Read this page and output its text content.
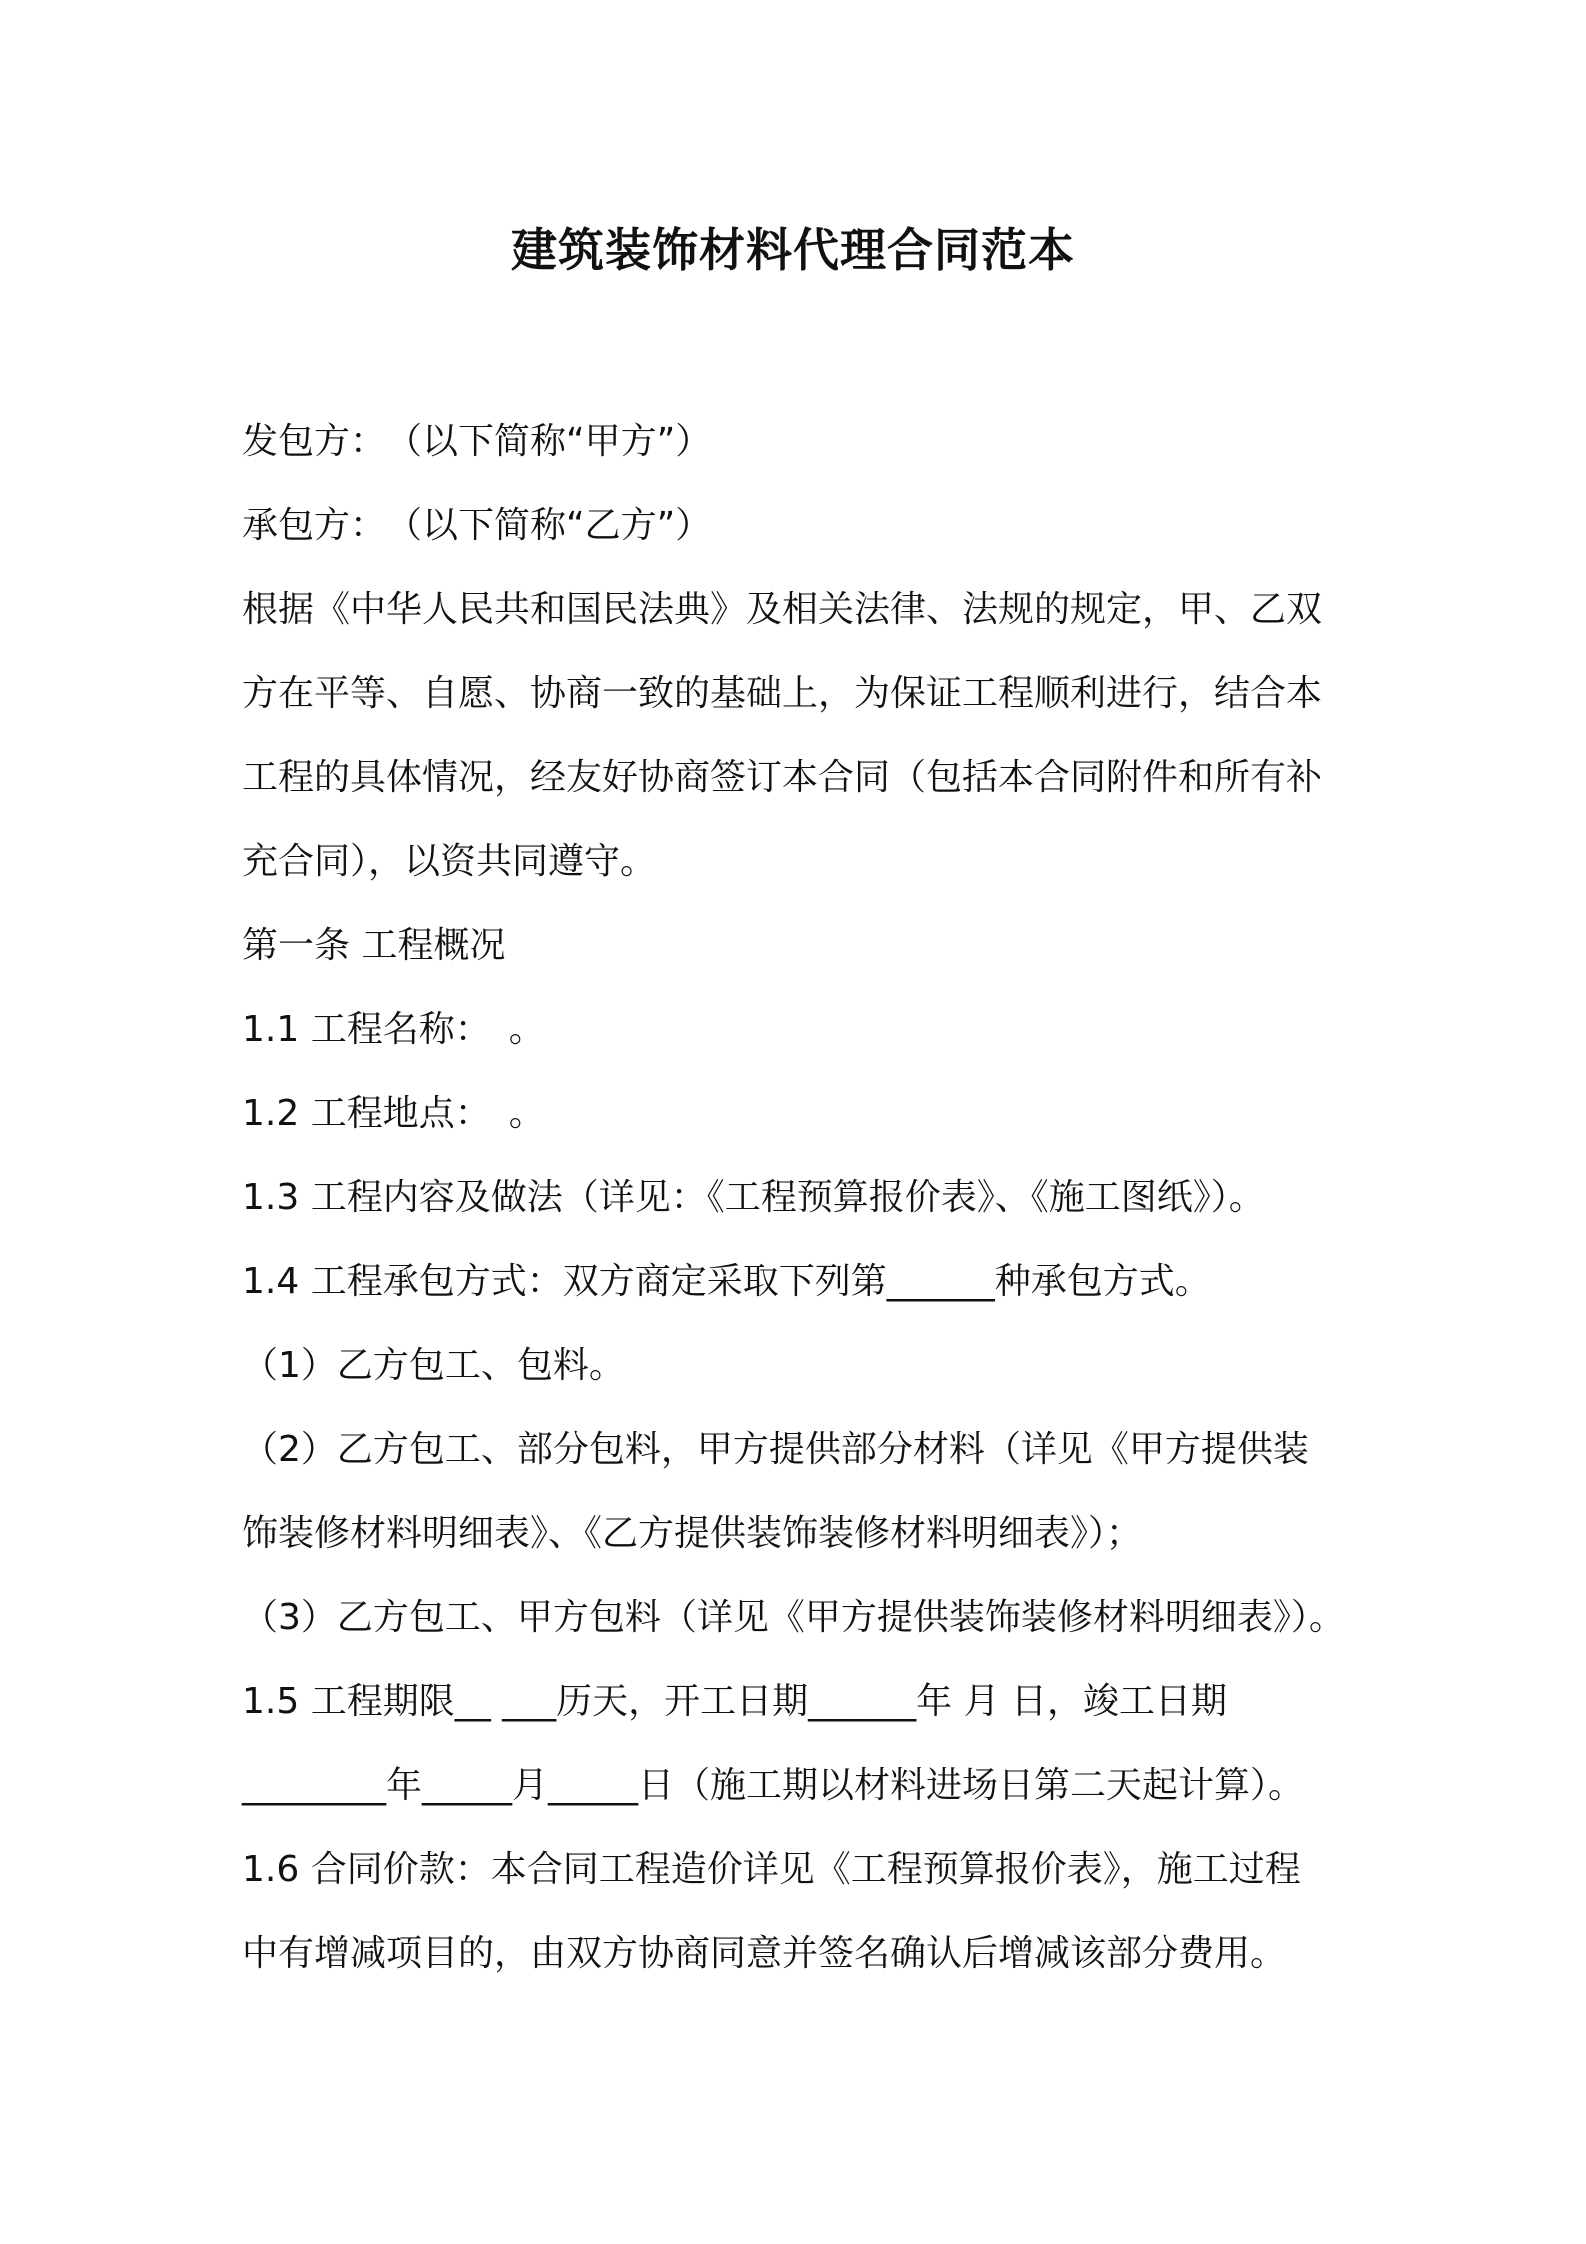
建筑装饰材料代理合同范本
发包方：　（以下简称“甲方”）
承包方：　（以下简称“乙方”）
根据《中华人民共和国民法典》及相关法律、法规的规定，甲、乙双
方在平等、自愿、协商一致的基础上，为保证工程顺利进行，结合本
工程的具体情况，经友好协商签订本合同（包括本合同附件和所有补
充合同），以资共同遵守。
第一条 工程概况
1.1 工程名称：　。
1.2 工程地点：　。
1.3 工程内容及做法（详见：《工程预算报价表》、《施工图纸》）。
1.4 工程承包方式：双方商定采取下列第______种承包方式。
（1）乙方包工、包料。
（2）乙方包工、部分包料，甲方提供部分材料（详见《甲方提供装
饰装修材料明细表》、《乙方提供装饰装修材料明细表》）；
（3）乙方包工、甲方包料（详见《甲方提供装饰装修材料明细表》）。
1.5 工程期限__ ___历天，开工日期______年 月 日，竣工日期
________年_____月_____日（施工期以材料进场日第二天起计算）。
1.6 合同价款：本合同工程造价详见《工程预算报价表》，施工过程
中有增减项目的，由双方协商同意并签名确认后增减该部分费用。
